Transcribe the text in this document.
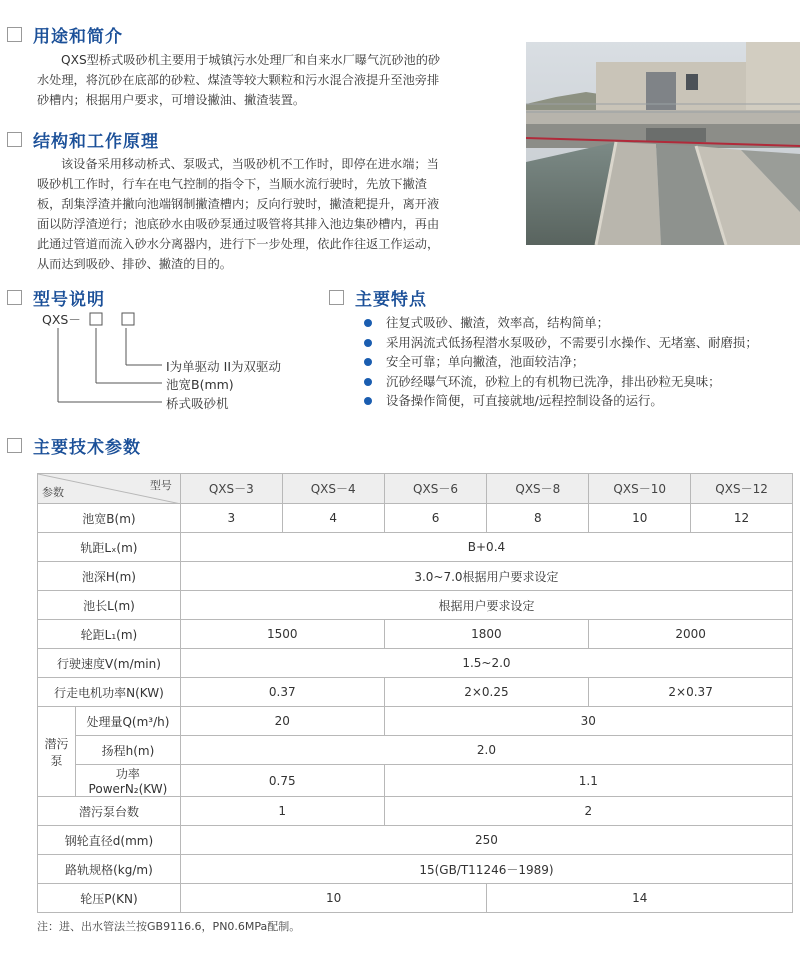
用途和简介

QXS型桥式吸砂机主要用于城镇污水处理厂和自来水厂曝气沉砂池的砂

水处理，将沉砂在底部的砂粒、煤渣等较大颗粒和污水混合液提升至池旁排

砂槽内；根据用户要求，可增设撇油、撇渣装置。

结构和工作原理

该设备采用移动桥式、泵吸式，当吸砂机不工作时，即停在进水端；当

吸砂机工作时，行车在电气控制的指令下，当顺水流行驶时，先放下撇渣

板，刮集浮渣并撇向池端钢制撇渣槽内；反向行驶时，撇渣耙提升，离开液

面以防浮渣逆行；池底砂水由吸砂泵通过吸管将其排入池边集砂槽内，再由

此通过管道而流入砂水分离器内，进行下一步处理，依此作往返工作运动，

从而达到吸砂、排砂、撇渣的目的。

型号说明
QXS－
I为单驱动 II为双驱动
池宽B(mm)
桥式吸砂机
主要特点
往复式吸砂、撇渣，效率高，结构简单；
采用涡流式低扬程潜水泵吸砂，不需要引水操作、无堵塞、耐磨损；
安全可靠；单向撇渣，池面较洁净；
沉砂经曝气环流，砂粒上的有机物已洗净，排出砂粒无臭味；
设备操作简便，可直接就地/远程控制设备的运行。
主要技术参数
型号
参数		QXS－3	QXS－4	QXS－6	QXS－8	QXS－10	QXS－12
池宽B(m)		3	4	6	8	10	12
轨距Lₓ(m)		B+0.4					
池深H(m)		3.0~7.0根据用户要求设定					
池长L(m)		根据用户要求设定					
轮距L₁(m)		1500		1800		2000	
行驶速度V(m/min)		1.5~2.0					
行走电机功率N(KW)		0.37		2×0.25		2×0.37	
潜污泵	处理量Q(m³/h)	20		30			
	扬程h(m)	2.0					
	功率PowerN₂(KW)	0.75		1.1			
潜污泵台数		1		2			
钢轮直径d(mm)		250					
路轨规格(kg/m)		15(GB/T11246－1989)					
轮压P(KN)		10			14		
注：进、出水管法兰按GB9116.6，PN0.6MPa配制。
